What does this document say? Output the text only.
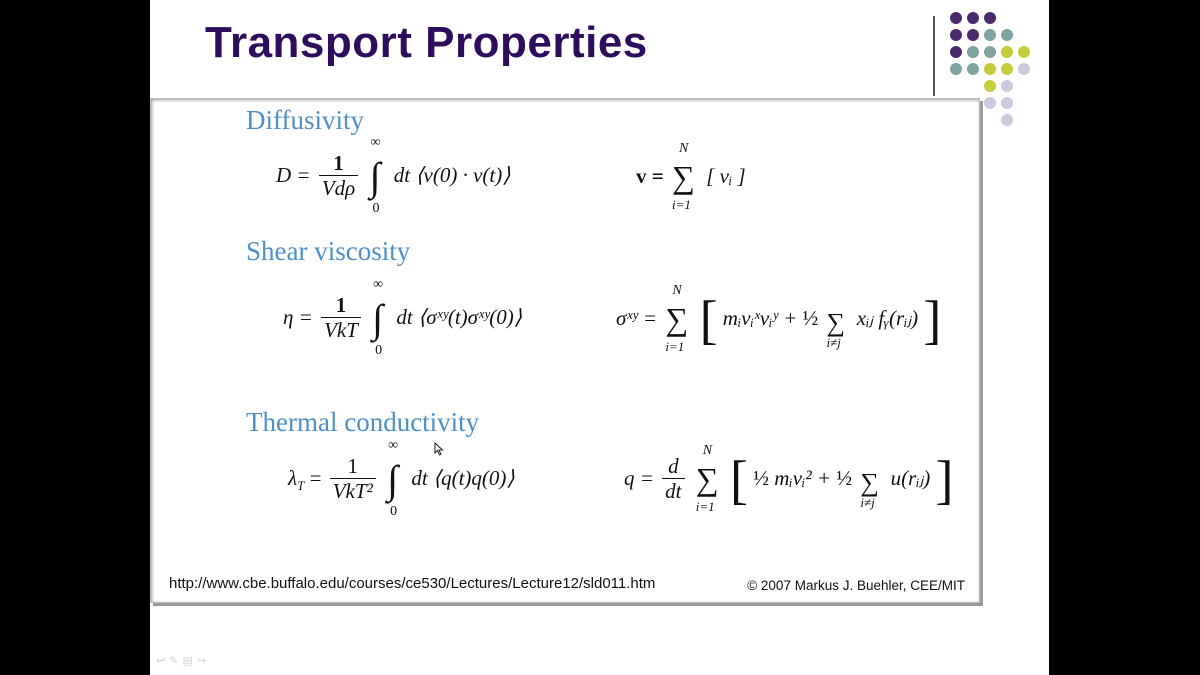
Transport Properties
Diffusivity
$D = \frac{1}{\text{Vdρ}}$

∞
∫
0
dt ⟨v(0) · v(t)⟩	v =
N
∑
i=1
[ vᵢ ]
Shear viscosity
$\eta = \frac{1}{\text{VkT}}$

∞
∫
0
dt ⟨σˣʸ(t)σˣʸ(0)⟩	σˣʸ =
N
∑
i=1 [ mᵢvᵢˣvᵢʸ + ½ ∑
i≠j
xᵢⱼ fᵧ(rᵢⱼ) ]
Thermal conductivity
$\lambda_T = \frac{1}{\text{VkT²}}$

∞
∫
0
dt ⟨q(t)q(0)⟩	$q = \frac{d}{dt}$

N
∑
i=1 [ ½ mᵢvᵢ² + ½ ∑
i≠j
u(rᵢⱼ) ]
http://www.cbe.buffalo.edu/courses/ce530/Lectures/Lecture12/sld011.htm	© 2007 Markus J. Buehler, CEE/MIT
↩✎▤↪
